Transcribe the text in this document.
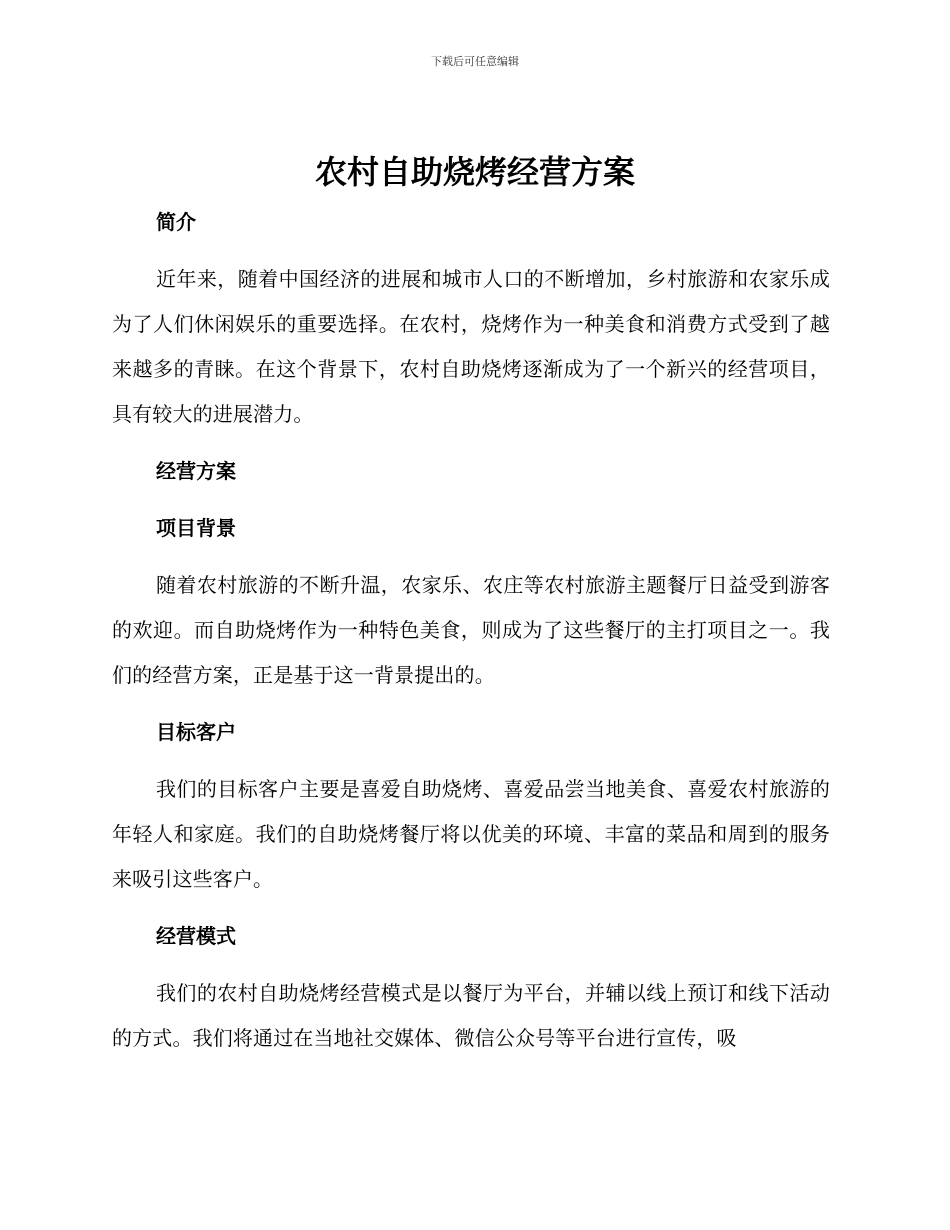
下载后可任意编辑
农村自助烧烤经营方案
简介

近年来，随着中国经济的进展和城市人口的不断增加，乡村旅游和农家乐成为了人们休闲娱乐的重要选择。在农村，烧烤作为一种美食和消费方式受到了越来越多的青睐。在这个背景下，农村自助烧烤逐渐成为了一个新兴的经营项目，具有较大的进展潜力。

经营方案
项目背景

随着农村旅游的不断升温，农家乐、农庄等农村旅游主题餐厅日益受到游客的欢迎。而自助烧烤作为一种特色美食，则成为了这些餐厅的主打项目之一。我们的经营方案，正是基于这一背景提出的。

目标客户

我们的目标客户主要是喜爱自助烧烤、喜爱品尝当地美食、喜爱农村旅游的年轻人和家庭。我们的自助烧烤餐厅将以优美的环境、丰富的菜品和周到的服务来吸引这些客户。

经营模式

我们的农村自助烧烤经营模式是以餐厅为平台，并辅以线上预订和线下活动的方式。我们将通过在当地社交媒体、微信公众号等平台进行宣传，吸
